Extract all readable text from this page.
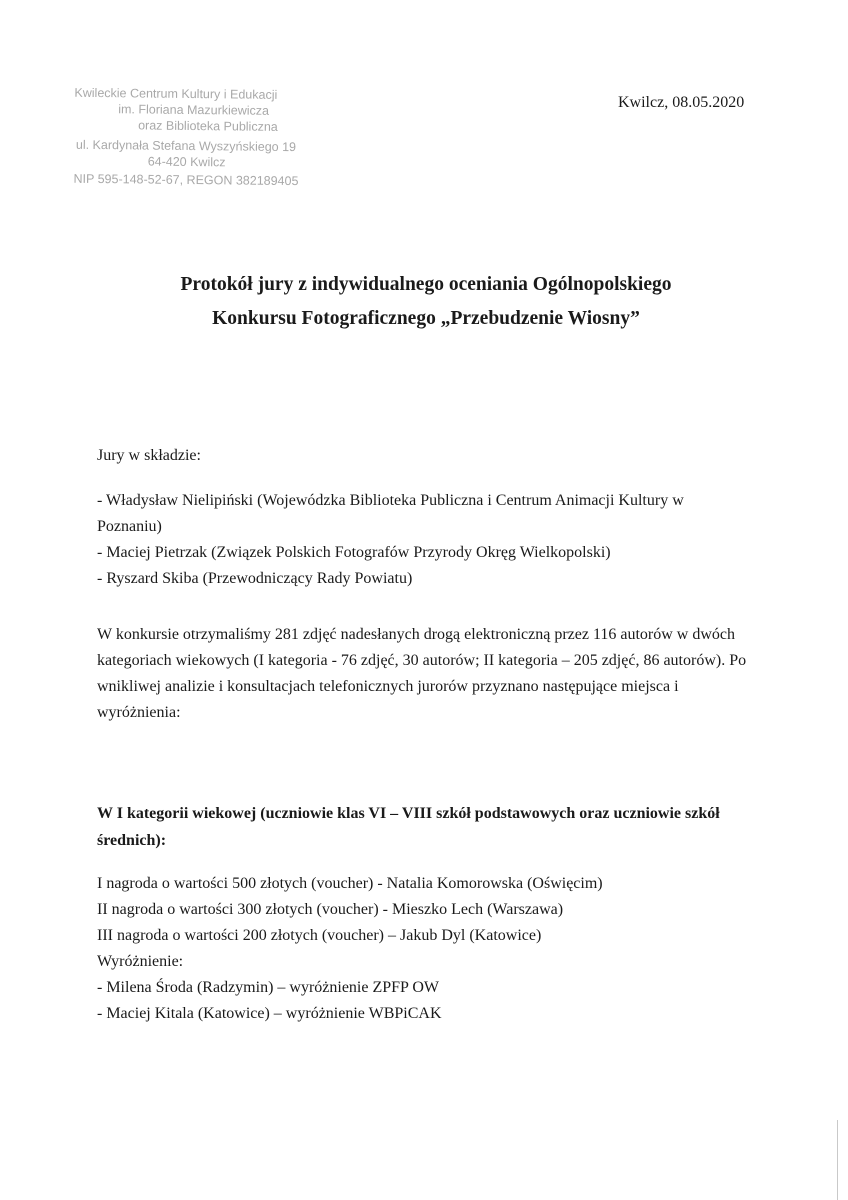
Kwileckie Centrum Kultury i Edukacji
im. Floriana Mazurkiewicza
oraz Biblioteka Publiczna
ul. Kardynała Stefana Wyszyńskiego 19
64-420 Kwilcz
NIP 595-148-52-67, REGON 382189405
Kwilcz, 08.05.2020
Protokół jury z indywidualnego oceniania Ogólnopolskiego
Konkursu Fotograficznego „Przebudzenie Wiosny”
Jury w składzie:
- Władysław Nielipiński (Wojewódzka Biblioteka Publiczna i Centrum Animacji Kultury w
Poznaniu)
- Maciej Pietrzak (Związek Polskich Fotografów Przyrody Okręg Wielkopolski)
- Ryszard Skiba (Przewodniczący Rady Powiatu)
W konkursie otrzymaliśmy 281 zdjęć nadesłanych drogą elektroniczną przez 116 autorów w dwóch kategoriach wiekowych (I kategoria - 76 zdjęć, 30 autorów; II kategoria – 205 zdjęć, 86 autorów). Po wnikliwej analizie i konsultacjach telefonicznych jurorów przyznano następujące miejsca i wyróżnienia:
W I kategorii wiekowej (uczniowie klas VI – VIII szkół podstawowych oraz uczniowie szkół średnich):
I nagroda o wartości 500 złotych (voucher) - Natalia Komorowska (Oświęcim)
II nagroda o wartości 300 złotych (voucher) - Mieszko Lech (Warszawa)
III nagroda o wartości 200 złotych (voucher) – Jakub Dyl (Katowice)
Wyróżnienie:
- Milena Środa (Radzymin) – wyróżnienie ZPFP OW
- Maciej Kitala (Katowice) – wyróżnienie WBPiCAK
